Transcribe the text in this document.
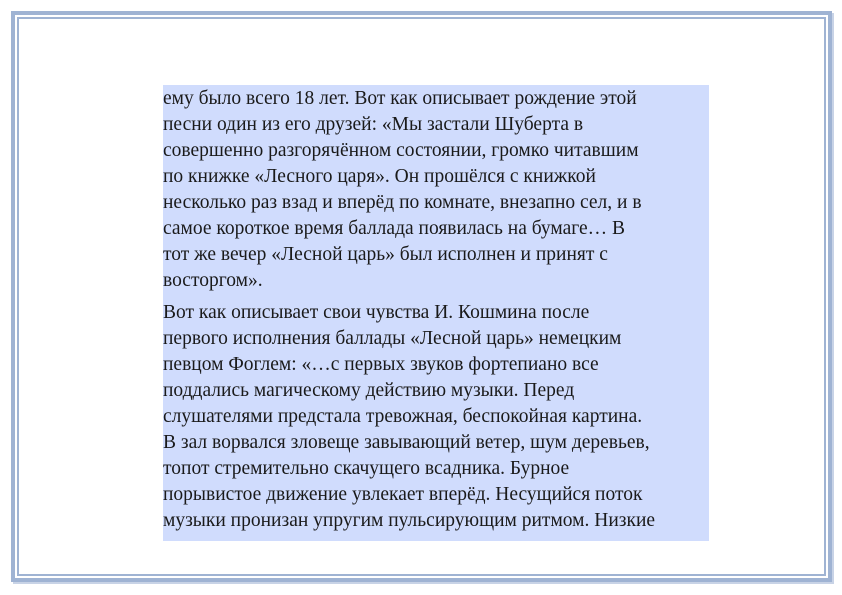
ему было всего 18 лет. Вот как описывает рождение этой
песни один из его друзей: «Мы застали Шуберта в
совершенно разгорячённом состоянии, громко читавшим
по книжке «Лесного царя». Он прошёлся с книжкой
несколько раз взад и вперёд по комнате, внезапно сел, и в
самое короткое время баллада появилась на бумаге… В
тот же вечер «Лесной царь» был исполнен и принят с
восторгом».

Вот как описывает свои чувства И. Кошмина после
первого исполнения баллады «Лесной царь» немецким
певцом Фоглем: «…с первых звуков фортепиано все
поддались магическому действию музыки. Перед
слушателями предстала тревожная, беспокойная картина.
В зал ворвался зловеще завывающий ветер, шум деревьев,
топот стремительно скачущего всадника. Бурное
порывистое движение увлекает вперёд. Несущийся поток
музыки пронизан упругим пульсирующим ритмом. Низкие
